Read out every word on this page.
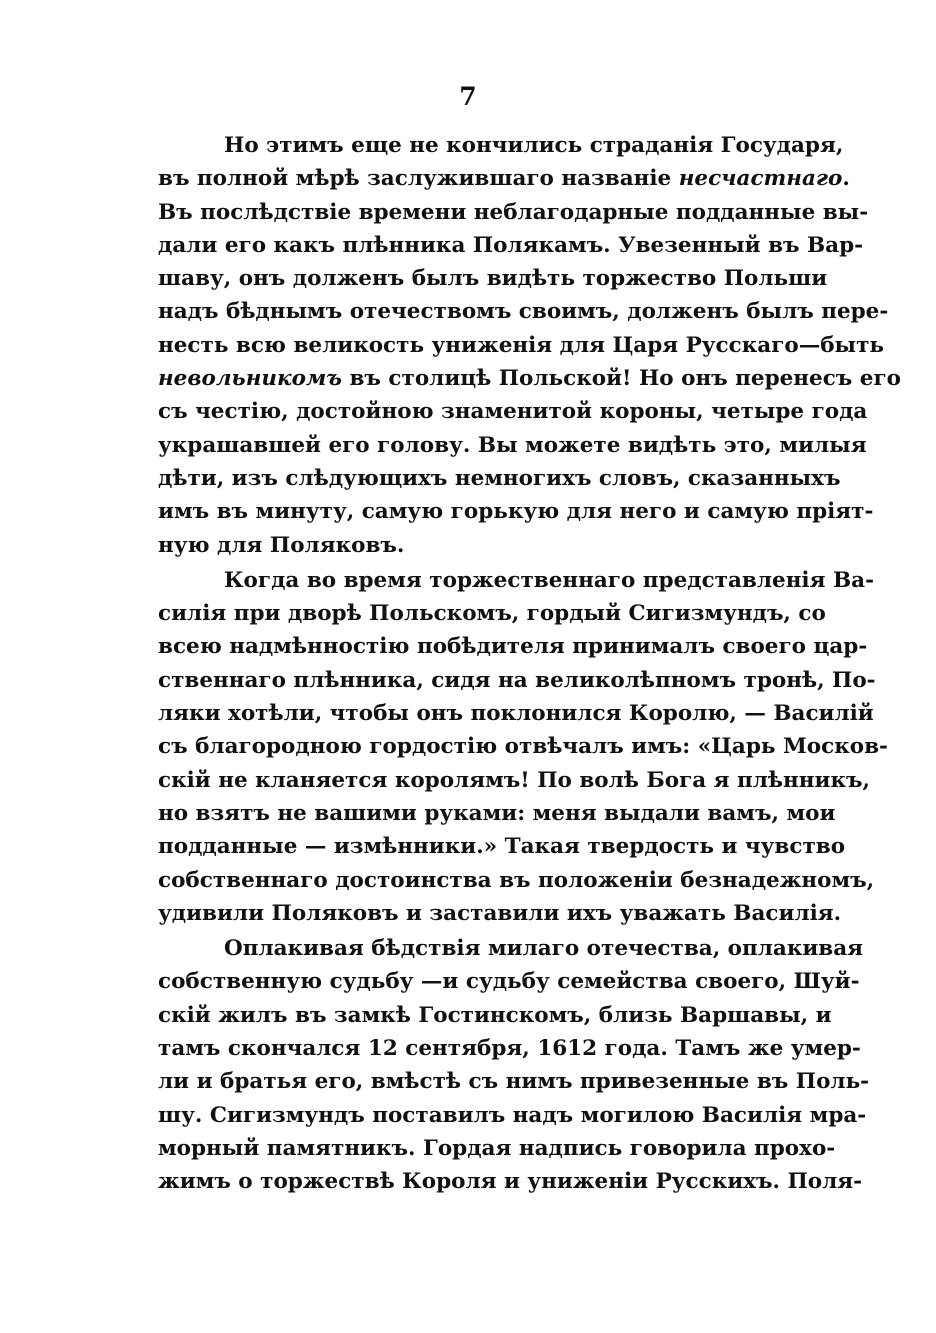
7
Но этимъ еще не кончились страданія Государя,
въ полной мѣрѣ заслужившаго названіе несчастнаго.
Въ послѣдствіе времени неблагодарные подданные вы-
дали его какъ плѣнника Полякамъ. Увезенный въ Вар-
шаву, онъ долженъ былъ видѣть торжество Польши
надъ бѣднымъ отечествомъ своимъ, долженъ былъ пере-
несть всю великость униженія для Царя Русскаго—быть
невольникомъ въ столицѣ Польской! Но онъ перенесъ его
съ честію, достойною знаменитой короны, четыре года
украшавшей его голову. Вы можете видѣть это, милыя
дѣти, изъ слѣдующихъ немногихъ словъ, сказанныхъ
имъ въ минуту, самую горькую для него и самую пріят-
ную для Поляковъ.
Когда во время торжественнаго представленія Ва-
силія при дворѣ Польскомъ, гордый Сигизмундъ, со
всею надмѣнностію побѣдителя принималъ своего цар-
ственнаго плѣнника, сидя на великолѣпномъ тронѣ, По-
ляки хотѣли, чтобы онъ поклонился Королю, — Василій
съ благородною гордостію отвѣчалъ имъ: «Царь Москов-
скій не кланяется королямъ! По волѣ Бога я плѣнникъ,
но взятъ не вашими руками: меня выдали вамъ, мои
подданные — измѣнники.» Такая твердость и чувство
собственнаго достоинства въ положеніи безнадежномъ,
удивили Поляковъ и заставили ихъ уважать Василія.
Оплакивая бѣдствія милаго отечества, оплакивая
собственную судьбу —и судьбу семейства своего, Шуй-
скій жилъ въ замкѣ Гостинскомъ, близь Варшавы, и
тамъ скончался 12 сентября, 1612 года. Тамъ же умер-
ли и братья его, вмѣстѣ съ нимъ привезенные въ Поль-
шу. Сигизмундъ поставилъ надъ могилою Василія мра-
морный памятникъ. Гордая надпись говорила прохо-
жимъ о торжествѣ Короля и униженіи Русскихъ. Поля-
